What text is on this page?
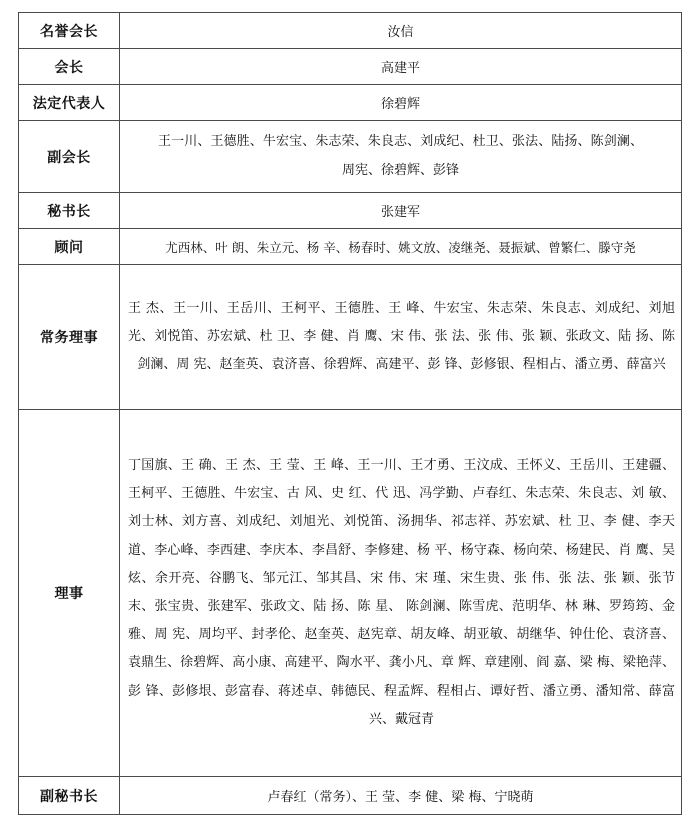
名誉会长	汝信
会长	高建平
法定代表人	徐碧辉
副会长	王一川、王德胜、牛宏宝、朱志荣、朱良志、刘成纪、杜卫、张法、陆扬、陈剑澜、周宪、徐碧辉、彭锋
秘书长	张建军
顾问	尤西林、叶 朗、朱立元、杨 辛、杨春时、姚文放、凌继尧、聂振斌、曾繁仁、滕守尧
常务理事	王 杰、王一川、王岳川、王柯平、王德胜、王 峰、牛宏宝、朱志荣、朱良志、刘成纪、刘旭光、刘悦笛、苏宏斌、杜 卫、李 健、肖 鹰、宋 伟、张 法、张 伟、张 颖、张政文、陆 扬、陈剑澜、周 宪、赵奎英、袁济喜、徐碧辉、高建平、彭 锋、彭修银、程相占、潘立勇、薛富兴
理事	丁国旗、王 确、王 杰、王 莹、王 峰、王一川、王才勇、王汶成、王怀义、王岳川、王建疆、王柯平、王德胜、牛宏宝、古 风、史 红、代 迅、冯学勤、卢春红、朱志荣、朱良志、刘 敏、刘士林、刘方喜、刘成纪、刘旭光、刘悦笛、汤拥华、祁志祥、苏宏斌、杜 卫、李 健、李天道、李心峰、李西建、李庆本、李昌舒、李修建、杨 平、杨守森、杨向荣、杨建民、肖 鹰、吴 炫、余开亮、谷鹏飞、邹元江、邹其昌、宋 伟、宋 瑾、宋生贵、张 伟、张 法、张 颖、张节末、张宝贵、张建军、张政文、陆 扬、陈 星、 陈剑澜、陈雪虎、范明华、林 琳、罗筠筠、金 雅、周 宪、周均平、封孝伦、赵奎英、赵宪章、胡友峰、胡亚敏、胡继华、钟仕伦、袁济喜、袁鼎生、徐碧辉、高小康、高建平、陶水平、龚小凡、章 辉、章建刚、阎 嘉、梁 梅、梁艳萍、彭 锋、彭修垠、彭富春、蒋述卓、韩德民、程孟辉、程相占、谭好哲、潘立勇、潘知常、薛富兴、戴冠青
副秘书长	卢春红（常务）、王 莹、李 健、梁 梅、宁晓萌
